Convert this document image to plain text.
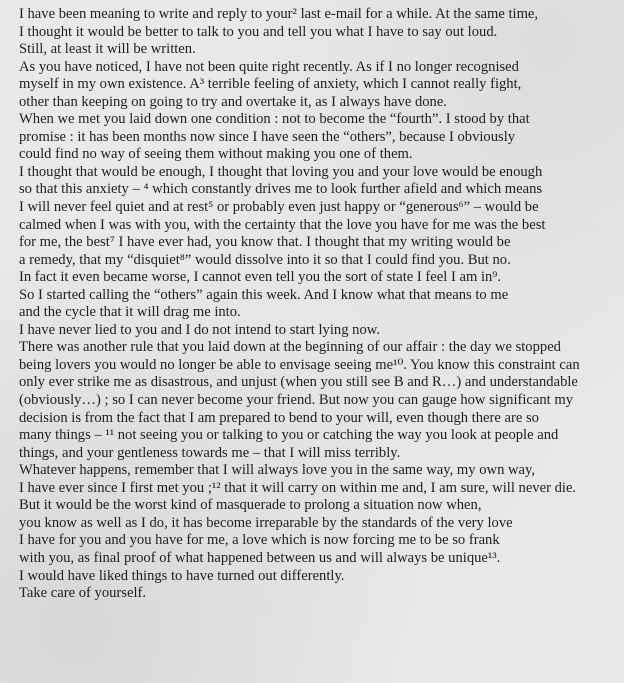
I have been meaning to write and reply to your² last e-mail for a while. At the same time,
I thought it would be better to talk to you and tell you what I have to say out loud.
Still, at least it will be written.
As you have noticed, I have not been quite right recently. As if I no longer recognised
myself in my own existence. A³ terrible feeling of anxiety, which I cannot really fight,
other than keeping on going to try and overtake it, as I always have done.
When we met you laid down one condition : not to become the “fourth”. I stood by that
promise : it has been months now since I have seen the “others”, because I obviously
could find no way of seeing them without making you one of them.
I thought that would be enough, I thought that loving you and your love would be enough
so that this anxiety – ⁴ which constantly drives me to look further afield and which means
I will never feel quiet and at rest⁵ or probably even just happy or “generous⁶” – would be
calmed when I was with you, with the certainty that the love you have for me was the best
for me, the best⁷ I have ever had, you know that. I thought that my writing would be
a remedy, that my “disquiet⁸” would dissolve into it so that I could find you. But no.
In fact it even became worse, I cannot even tell you the sort of state I feel I am in⁹.
So I started calling the “others” again this week. And I know what that means to me
and the cycle that it will drag me into.
I have never lied to you and I do not intend to start lying now.
There was another rule that you laid down at the beginning of our affair : the day we stopped
being lovers you would no longer be able to envisage seeing me¹⁰. You know this constraint can
only ever strike me as disastrous, and unjust (when you still see B and R…) and understandable
(obviously…) ; so I can never become your friend. But now you can gauge how significant my
decision is from the fact that I am prepared to bend to your will, even though there are so
many things – ¹¹ not seeing you or talking to you or catching the way you look at people and
things, and your gentleness towards me – that I will miss terribly.
Whatever happens, remember that I will always love you in the same way, my own way,
I have ever since I first met you ;¹² that it will carry on within me and, I am sure, will never die.
But it would be the worst kind of masquerade to prolong a situation now when,
you know as well as I do, it has become irreparable by the standards of the very love
I have for you and you have for me, a love which is now forcing me to be so frank
with you, as final proof of what happened between us and will always be unique¹³.
I would have liked things to have turned out differently.
Take care of yourself.
